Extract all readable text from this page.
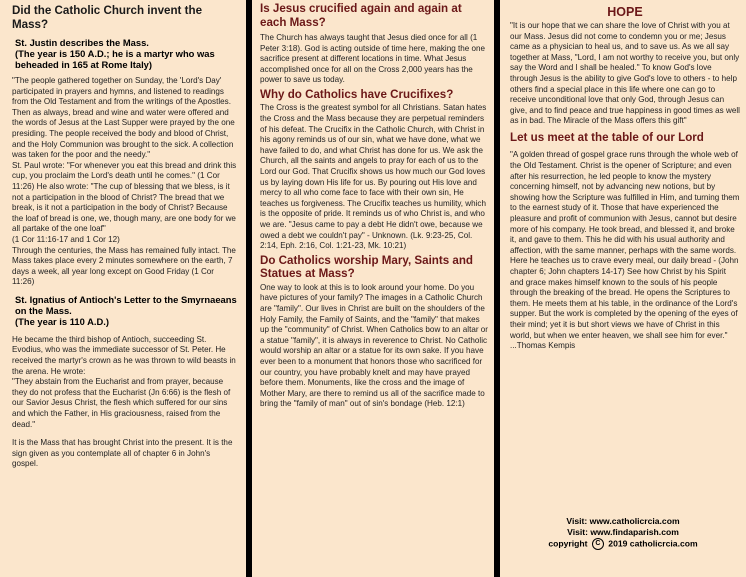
Did the Catholic Church invent the Mass?
St. Justin describes the Mass.
(The year is 150 A.D.; he is a martyr who was beheaded in 165 at Rome Italy)

"The people gathered together on Sunday, the 'Lord's Day' participated in prayers and hymns, and listened to readings from the Old Testament and from the writings of the Apostles. Then as always, bread and wine and water were offered and the words of Jesus at the Last Supper were prayed by the one presiding. The people received the body and blood of Christ, and the Holy Communion was brought to the sick. A collection was taken for the poor and the needy."

St. Paul wrote: "For whenever you eat this bread and drink this cup, you proclaim the Lord's death until he comes." (1 Cor 11:26) He also wrote: "The cup of blessing that we bless, is it not a participation in the blood of Christ? The bread that we break, is it not a participation in the body of Christ? Because the loaf of bread is one, we, though many, are one body for we all partake of the one loaf"

(1 Cor 11:16-17 and 1 Cor 12)

Through the centuries, the Mass has remained fully intact. The Mass takes place every 2 minutes somewhere on the earth, 7 days a week, all year long except on Good Friday (1 Cor 11:26)

St. Ignatius of Antioch's Letter to the Smyrnaeans on the Mass.
(The year is 110 A.D.)

He became the third bishop of Antioch, succeeding St. Evodius, who was the immediate successor of St. Peter. He received the martyr's crown as he was thrown to wild beasts in the arena. He wrote:

"They abstain from the Eucharist and from prayer, because they do not profess that the Eucharist (Jn 6:66) is the flesh of our Savior Jesus Christ, the flesh which suffered for our sins and which the Father, in His graciousness, raised from the dead."

It is the Mass that has brought Christ into the present. It is the sign given as you contemplate all of chapter 6 in John's gospel.

Is Jesus crucified again and again at each Mass?

The Church has always taught that Jesus died once for all (1 Peter 3:18). God is acting outside of time here, making the one sacrifice present at different locations in time. What Jesus accomplished once for all on the Cross 2,000 years has the power to save us today.

Why do Catholics have Crucifixes?

The Cross is the greatest symbol for all Christians. Satan hates the Cross and the Mass because they are perpetual reminders of his defeat. The Crucifix in the Catholic Church, with Christ in his agony reminds us of our sin, what we have done, what we have failed to do, and what Christ has done for us. We ask the Church, all the saints and angels to pray for each of us to the Lord our God. That Crucifix shows us how much our God loves us by laying down His life for us. By pouring out His love and mercy to all who come face to face with their own sin, He teaches us forgiveness. The Crucifix teaches us humility, which is the opposite of pride. It reminds us of who Christ is, and who we are. "Jesus came to pay a debt He didn't owe, because we owed a debt we couldn't pay" - Unknown. (Lk. 9:23-25, Col. 2:14, Eph. 2:16, Col. 1:21-23, Mk. 10:21)

Do Catholics worship Mary, Saints and Statues at Mass?

One way to look at this is to look around your home. Do you have pictures of your family? The images in a Catholic Church are "family". Our lives in Christ are built on the shoulders of the Holy Family, the Family of Saints, and the "family" that makes up the "community" of Christ. When Catholics bow to an altar or a statue "family", it is always in reverence to Christ. No Catholic would worship an altar or a statue for its own sake. If you have ever been to a monument that honors those who sacrificed for our country, you have probably knelt and may have prayed before them. Monuments, like the cross and the image of Mother Mary, are there to remind us all of the sacrifice made to bring the "family of man" out of sin's bondage (Heb. 12:1)

HOPE

"It is our hope that we can share the love of Christ with you at our Mass. Jesus did not come to condemn you or me; Jesus came as a physician to heal us, and to save us. As we all say together at Mass, "Lord, I am not worthy to receive you, but only say the Word and I shall be healed." To know God's love through Jesus is the ability to give God's love to others - to help others find a special place in this life where one can go to receive unconditional love that only God, through Jesus can give, and to find peace and true happiness in good times as well as in bad. The Miracle of the Mass offers this gift"

Let us meet at the table of our Lord

"A golden thread of gospel grace runs through the whole web of the Old Testament. Christ is the opener of Scripture; and even after his resurrection, he led people to know the mystery concerning himself, not by advancing new notions, but by showing how the Scripture was fulfilled in Him, and turning them to the earnest study of it. Those that have experienced the pleasure and profit of communion with Jesus, cannot but desire more of his company. He took bread, and blessed it, and broke it, and gave to them. This he did with his usual authority and affection, with the same manner, perhaps with the same words. Here he teaches us to crave every meal, our daily bread - (John chapter 6; John chapters 14-17) See how Christ by his Spirit and grace makes himself known to the souls of his people through the breaking of the bread. He opens the Scriptures to them. He meets them at his table, in the ordinance of the Lord's supper. But the work is completed by the opening of the eyes of their mind; yet it is but short views we have of Christ in this world, but when we enter heaven, we shall see him for ever." ...Thomas Kempis

Visit: www.catholicrcia.com
Visit: www.findaparish.com
copyright C 2019 catholicrcia.com
